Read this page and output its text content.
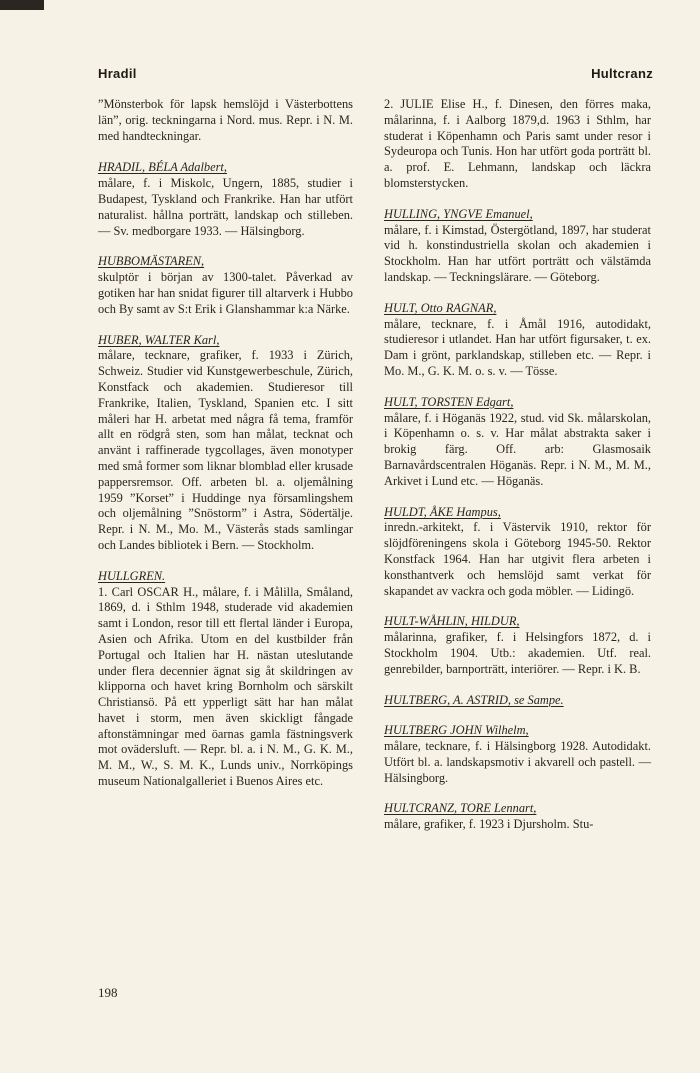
Hradil	Hultcranz
”Mönsterbok för lapsk hemslöjd i Västerbottens län”, orig. teckningarna i Nord. mus. Repr. i N. M. med handteckningar.
HRADIL, BÉLA Adalbert,
målare, f. i Miskolc, Ungern, 1885, studier i Budapest, Tyskland och Frankrike. Han har utfört naturalist. hållna porträtt, landskap och stilleben. — Sv. medborgare 1933. — Hälsingborg.
HUBBOMÄSTAREN,
skulptör i början av 1300-talet. Påverkad av gotiken har han snidat figurer till altarverk i Hubbo och By samt av S:t Erik i Glanshammar k:a Närke.
HUBER, WALTER Karl,
målare, tecknare, grafiker, f. 1933 i Zürich, Schweiz. Studier vid Kunstgewerbeschule, Zürich, Konstfack och akademien. Studieresor till Frankrike, Italien, Tyskland, Spanien etc. I sitt måleri har H. arbetat med några få tema, framför allt en rödgrå sten, som han målat, tecknat och använt i raffinerade tygcollages, även monotyper med små former som liknar blomblad eller krusade pappersremsor. Off. arbeten bl. a. oljemålning 1959 ”Korset” i Huddinge nya församlingshem och oljemålning ”Snöstorm” i Astra, Södertälje. Repr. i N. M., Mo. M., Västerås stads samlingar och Landes bibliotek i Bern. — Stockholm.
HULLGREN.
1. Carl OSCAR H., målare, f. i Målilla, Småland, 1869, d. i Sthlm 1948, studerade vid akademien samt i London, resor till ett flertal länder i Europa, Asien och Afrika. Utom en del kustbilder från Portugal och Italien har H. nästan uteslutande under flera decennier ägnat sig åt skildringen av klipporna och havet kring Bornholm och särskilt Christiansö. På ett ypperligt sätt har han målat havet i storm, men även skickligt fångade aftonstämningar med öarnas gamla fästningsverk mot ovädersluft. — Repr. bl. a. i N. M., G. K. M., M. M., W., S. M. K., Lunds univ., Norrköpings museum Nationalgalleriet i Buenos Aires etc.
2. JULIE Elise H., f. Dinesen, den förres maka, målarinna, f. i Aalborg 1879,d. 1963 i Sthlm, har studerat i Köpenhamn och Paris samt under resor i Sydeuropa och Tunis. Hon har utfört goda porträtt bl. a. prof. E. Lehmann, landskap och läckra blomsterstycken.
HULLING, YNGVE Emanuel,
målare, f. i Kimstad, Östergötland, 1897, har studerat vid h. konstindustriella skolan och akademien i Stockholm. Han har utfört porträtt och välstämda landskap. — Teckningslärare. — Göteborg.
HULT, Otto RAGNAR,
målare, tecknare, f. i Åmål 1916, autodidakt, studieresor i utlandet. Han har utfört figursaker, t. ex. Dam i grönt, parklandskap, stilleben etc. — Repr. i Mo. M., G. K. M. o. s. v. — Tösse.
HULT, TORSTEN Edgart,
målare, f. i Höganäs 1922, stud. vid Sk. målarskolan, i Köpenhamn o. s. v. Har målat abstrakta saker i brokig färg. Off. arb: Glasmosaik Barnavårdscentralen Höganäs. Repr. i N. M., M. M., Arkivet i Lund etc. — Höganäs.
HULDT, ÅKE Hampus,
inredn.-arkitekt, f. i Västervik 1910, rektor för slöjdföreningens skola i Göteborg 1945-50. Rektor Konstfack 1964. Han har utgivit flera arbeten i konsthantverk och hemslöjd samt verkat för skapandet av vackra och goda möbler. — Lidingö.
HULT-WÅHLIN, HILDUR,
målarinna, grafiker, f. i Helsingfors 1872, d. i Stockholm 1904. Utb.: akademien. Utf. real. genrebilder, barnporträtt, interiörer. — Repr. i K. B.
HULTBERG, A. ASTRID, se Sampe.
HULTBERG JOHN Wilhelm,
målare, tecknare, f. i Hälsingborg 1928. Autodidakt. Utfört bl. a. landskapsmotiv i akvarell och pastell. — Hälsingborg.
HULTCRANZ, TORE Lennart,
målare, grafiker, f. 1923 i Djursholm. Stu-
198
